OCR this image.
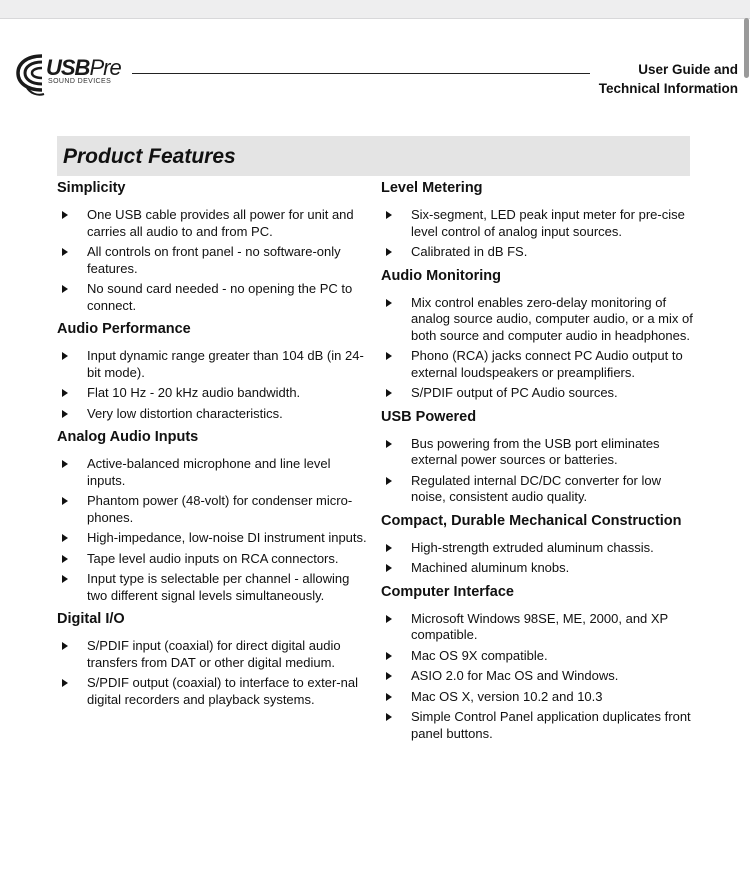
USBPre
SOUND DEVICES
User Guide and
Technical Information
Product Features
Simplicity
One USB cable provides all power for unit and carries all audio to and from PC.
All controls on front panel - no software-only features.
No sound card needed - no opening the PC to connect.
Audio Performance
Input dynamic range greater than 104 dB (in 24-bit mode).
Flat 10 Hz - 20 kHz audio bandwidth.
Very low distortion characteristics.
Analog Audio Inputs
Active-balanced microphone and line level inputs.
Phantom power (48-volt) for condenser micro-phones.
High-impedance, low-noise DI instrument inputs.
Tape level audio inputs on RCA connectors.
Input type is selectable per channel - allowing two different signal levels simultaneously.
Digital I/O
S/PDIF input (coaxial) for direct digital audio transfers from DAT or other digital medium.
S/PDIF output (coaxial) to interface to exter-nal digital recorders and playback systems.
Level Metering
Six-segment, LED peak input meter for pre-cise level control of analog input sources.
Calibrated in dB FS.
Audio Monitoring
Mix control enables zero-delay monitoring of analog source audio, computer audio, or a mix of both source and computer audio in headphones.
Phono (RCA) jacks connect PC Audio output to external loudspeakers or preamplifiers.
S/PDIF output of PC Audio sources.
USB Powered
Bus powering from the USB port eliminates external power sources or batteries.
Regulated internal DC/DC converter for low noise, consistent audio quality.
Compact, Durable Mechanical Construction
High-strength extruded aluminum chassis.
Machined aluminum knobs.
Computer Interface
Microsoft Windows 98SE, ME, 2000, and XP compatible.
Mac OS 9X compatible.
ASIO 2.0 for Mac OS and Windows.
Mac OS X, version 10.2 and 10.3
Simple Control Panel application duplicates front panel buttons.
